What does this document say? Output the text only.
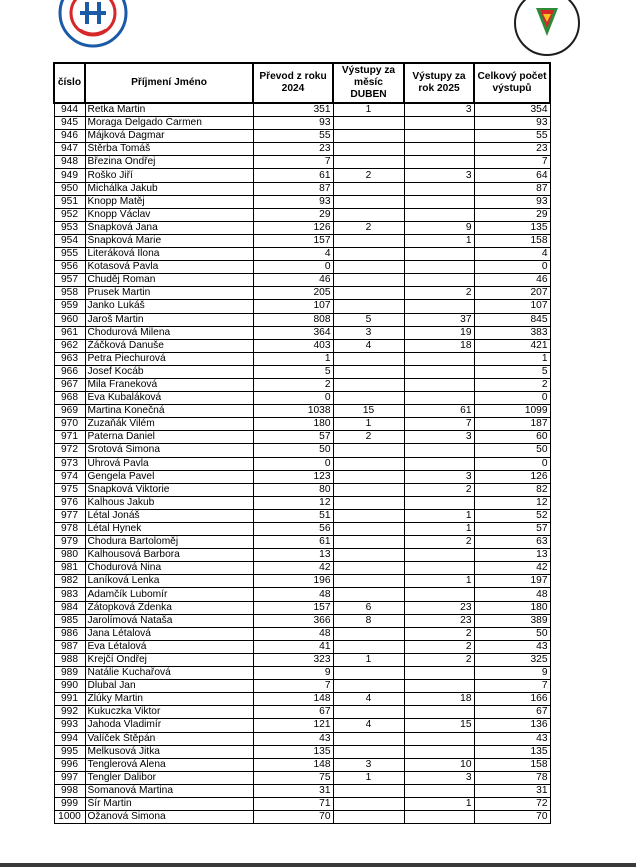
číslo	Příjmení Jméno	Převod z roku 2024	Výstupy za měsíc DUBEN	Výstupy za rok 2025	Celkový počet výstupů
944	Retka Martin	351	1	3	354
945	Moraga Delgado Carmen	93			93
946	Májková Dagmar	55			55
947	Štěrba Tomáš	23			23
948	Březina Ondřej	7			7
949	Roško Jiří	61	2	3	64
950	Michálka Jakub	87			87
951	Knopp Matěj	93			93
952	Knopp Václav	29			29
953	Šnapková Jana	126	2	9	135
954	Šnapková Marie	157		1	158
955	Literáková Ilona	4			4
956	Kotasová Pavla	0			0
957	Chuděj Roman	46			46
958	Prusek Martin	205		2	207
959	Janko Lukáš	107			107
960	Jaroš Martin	808	5	37	845
961	Chodurová Milena	364	3	19	383
962	Žáčková Danuše	403	4	18	421
963	Petra Piechurová	1			1
966	Josef Kocáb	5			5
967	Mila Franeková	2			2
968	Eva Kubaláková	0			0
969	Martina Konečná	1038	15	61	1099
970	Zuzaňák Vilém	180	1	7	187
971	Paterna Daniel	57	2	3	60
972	Šrotová Simona	50			50
973	Uhrová Pavla	0			0
974	Gengela Pavel	123		3	126
975	Šnapková Viktorie	80		2	82
976	Kalhous Jakub	12			12
977	Létal Jonáš	51		1	52
978	Létal Hynek	56		1	57
979	Chodura Bartoloměj	61		2	63
980	Kalhousová Barbora	13			13
981	Chodurová Nina	42			42
982	Laníková Lenka	196		1	197
983	Adamčík Lubomír	48			48
984	Zátopková Zdenka	157	6	23	180
985	Jarolímová Nataša	366	8	23	389
986	Jana Létalová	48		2	50
987	Eva Létalová	41		2	43
988	Krejčí Ondřej	323	1	2	325
989	Natálie Kuchařová	9			9
990	Dlubal Jan	7			7
991	Zlúky Martin	148	4	18	166
992	Kukuczka Viktor	67			67
993	Jahoda Vladimír	121	4	15	136
994	Valíček Štěpán	43			43
995	Melkusová Jitka	135			135
996	Tenglerová Alena	148	3	10	158
997	Tengler Dalibor	75	1	3	78
998	Šomanová Martina	31			31
999	Šír Martin	71		1	72
1000	Ožanová Simona	70			70
